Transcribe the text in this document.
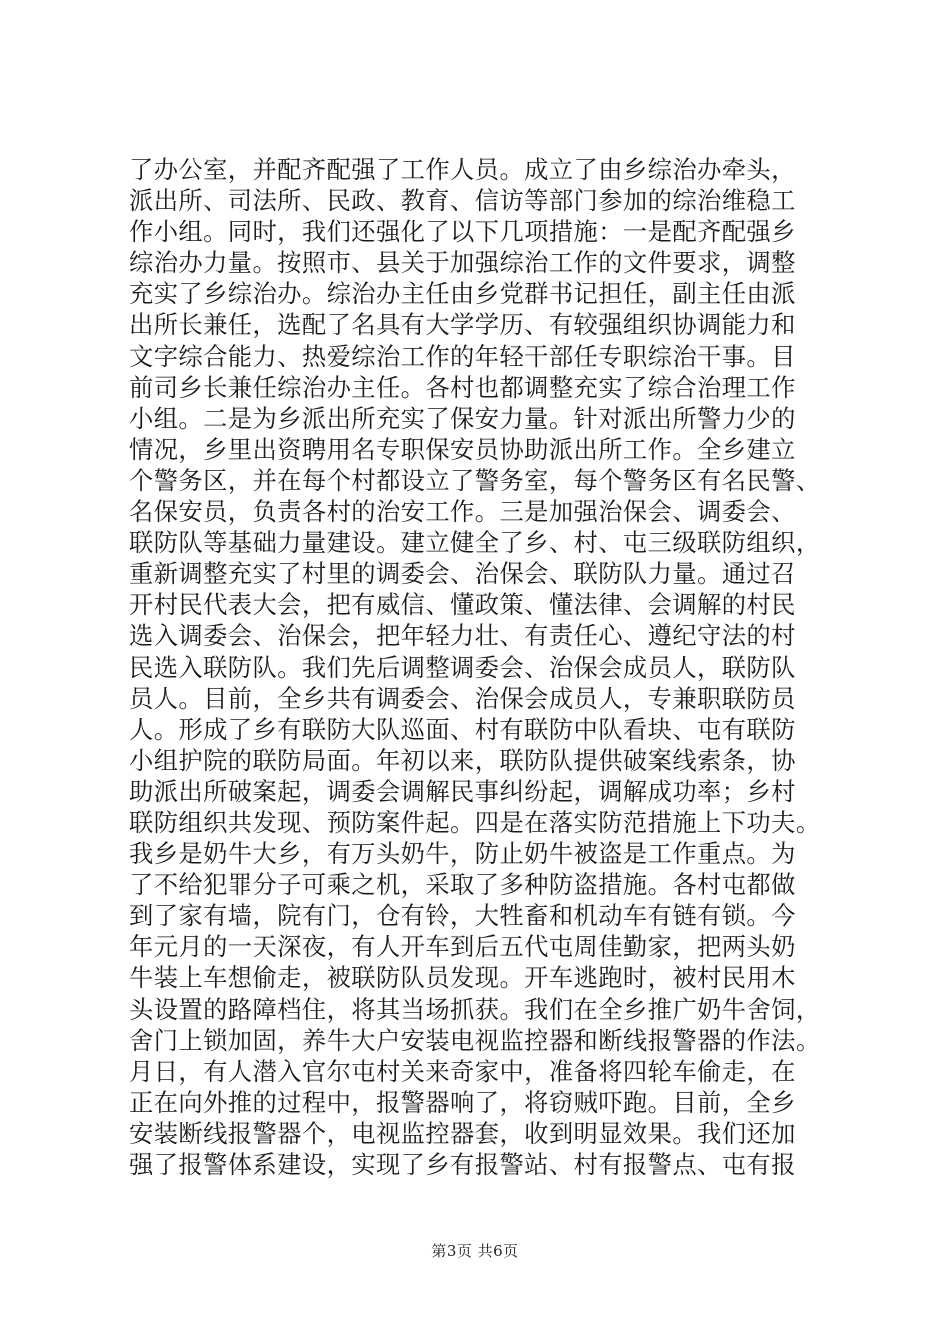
了办公室，并配齐配强了工作人员。成立了由乡综治办牵头，
派出所、司法所、民政、教育、信访等部门参加的综治维稳工
作小组。同时，我们还强化了以下几项措施：一是配齐配强乡
综治办力量。按照市、县关于加强综治工作的文件要求，调整
充实了乡综治办。综治办主任由乡党群书记担任，副主任由派
出所长兼任，选配了名具有大学学历、有较强组织协调能力和
文字综合能力、热爱综治工作的年轻干部任专职综治干事。目
前司乡长兼任综治办主任。各村也都调整充实了综合治理工作
小组。二是为乡派出所充实了保安力量。针对派出所警力少的
情况，乡里出资聘用名专职保安员协助派出所工作。全乡建立
个警务区，并在每个村都设立了警务室，每个警务区有名民警、
名保安员，负责各村的治安工作。三是加强治保会、调委会、
联防队等基础力量建设。建立健全了乡、村、屯三级联防组织，
重新调整充实了村里的调委会、治保会、联防队力量。通过召
开村民代表大会，把有威信、懂政策、懂法律、会调解的村民
选入调委会、治保会，把年轻力壮、有责任心、遵纪守法的村
民选入联防队。我们先后调整调委会、治保会成员人，联防队
员人。目前，全乡共有调委会、治保会成员人，专兼职联防员
人。形成了乡有联防大队巡面、村有联防中队看块、屯有联防
小组护院的联防局面。年初以来，联防队提供破案线索条，协
助派出所破案起，调委会调解民事纠纷起，调解成功率；乡村
联防组织共发现、预防案件起。四是在落实防范措施上下功夫。
我乡是奶牛大乡，有万头奶牛，防止奶牛被盗是工作重点。为
了不给犯罪分子可乘之机，采取了多种防盗措施。各村屯都做
到了家有墙，院有门，仓有铃，大牲畜和机动车有链有锁。今
年元月的一天深夜，有人开车到后五代屯周佳勤家，把两头奶
牛装上车想偷走，被联防队员发现。开车逃跑时，被村民用木
头设置的路障档住，将其当场抓获。我们在全乡推广奶牛舍饲，
舍门上锁加固，养牛大户安装电视监控器和断线报警器的作法。
月日，有人潜入官尔屯村关来奇家中，准备将四轮车偷走，在
正在向外推的过程中，报警器响了，将窃贼吓跑。目前，全乡
安装断线报警器个，电视监控器套，收到明显效果。我们还加
强了报警体系建设，实现了乡有报警站、村有报警点、屯有报
第3页 共6页
